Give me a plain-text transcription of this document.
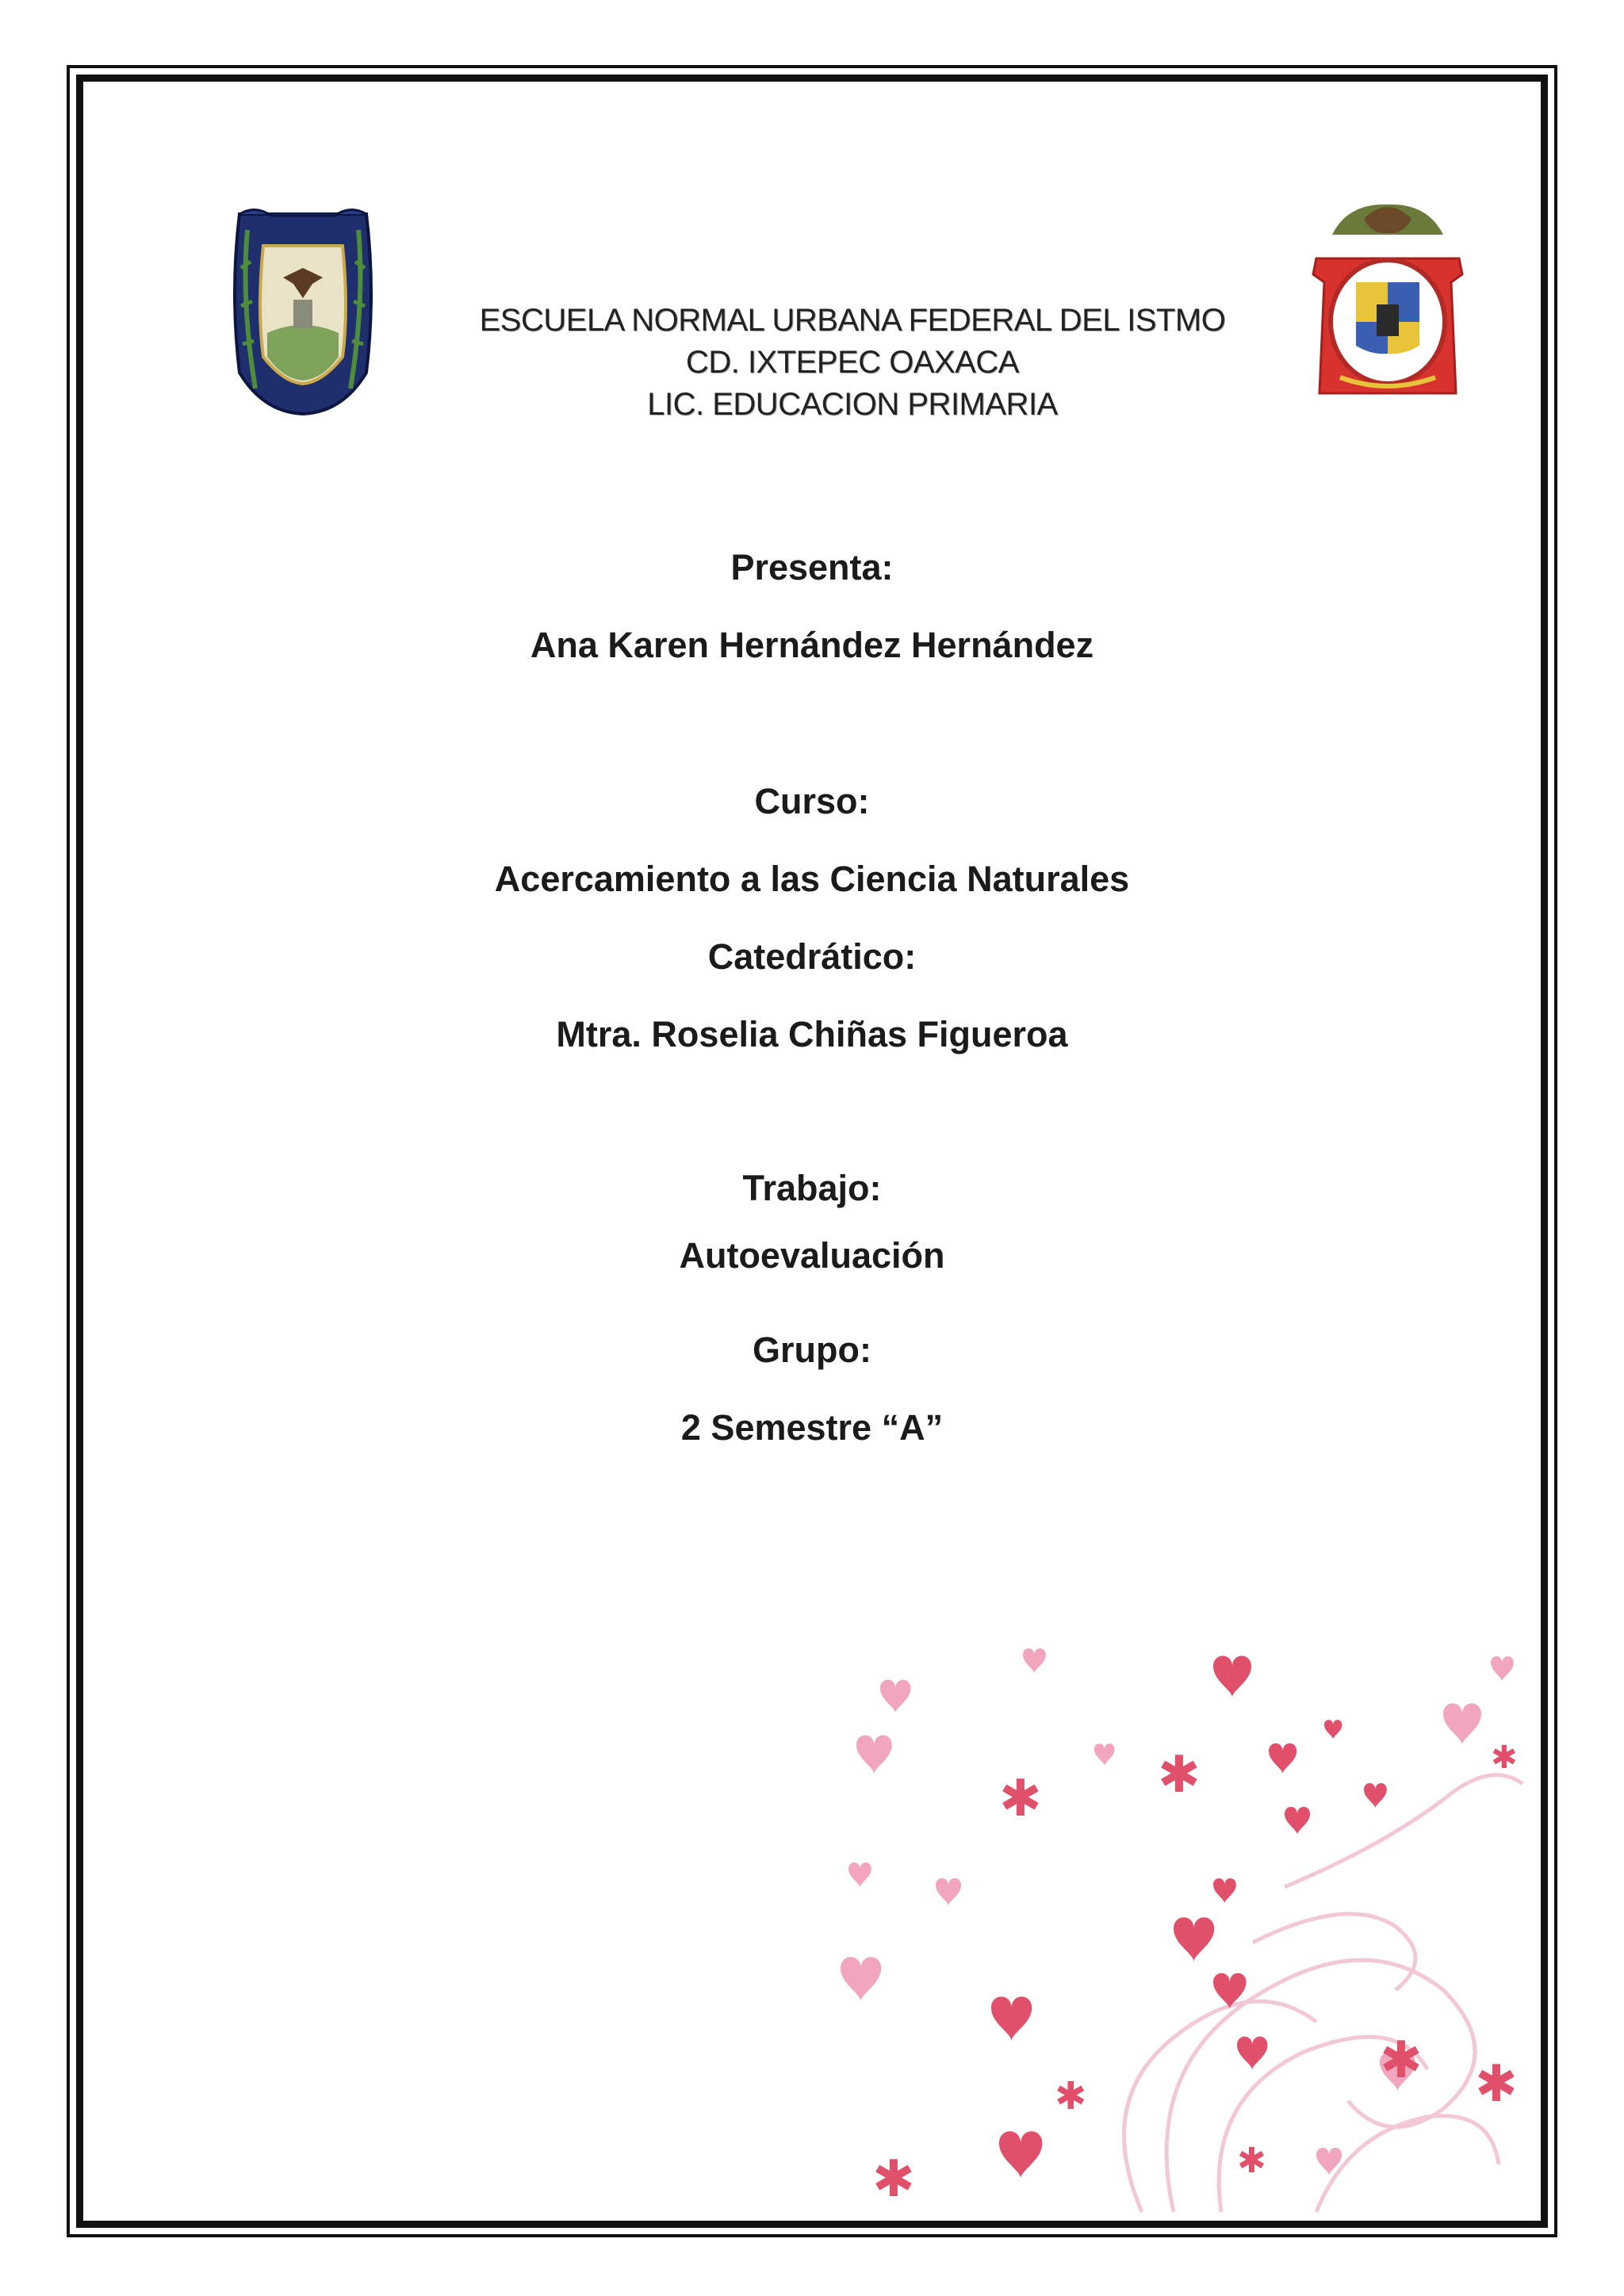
ESCUELA NORMAL URBANA FEDERAL DEL ISTMO
CD. IXTEPEC OAXACA
LIC. EDUCACION PRIMARIA
Presenta:
Ana Karen Hernández Hernández
Curso:
Acercamiento a las Ciencia Naturales
Catedrático:
Mtra. Roselia Chiñas Figueroa
Trabajo:
Autoevaluación
Grupo:
2 Semestre “A”
✱ ✱
✱
✱
✱
✱
✱
✱
